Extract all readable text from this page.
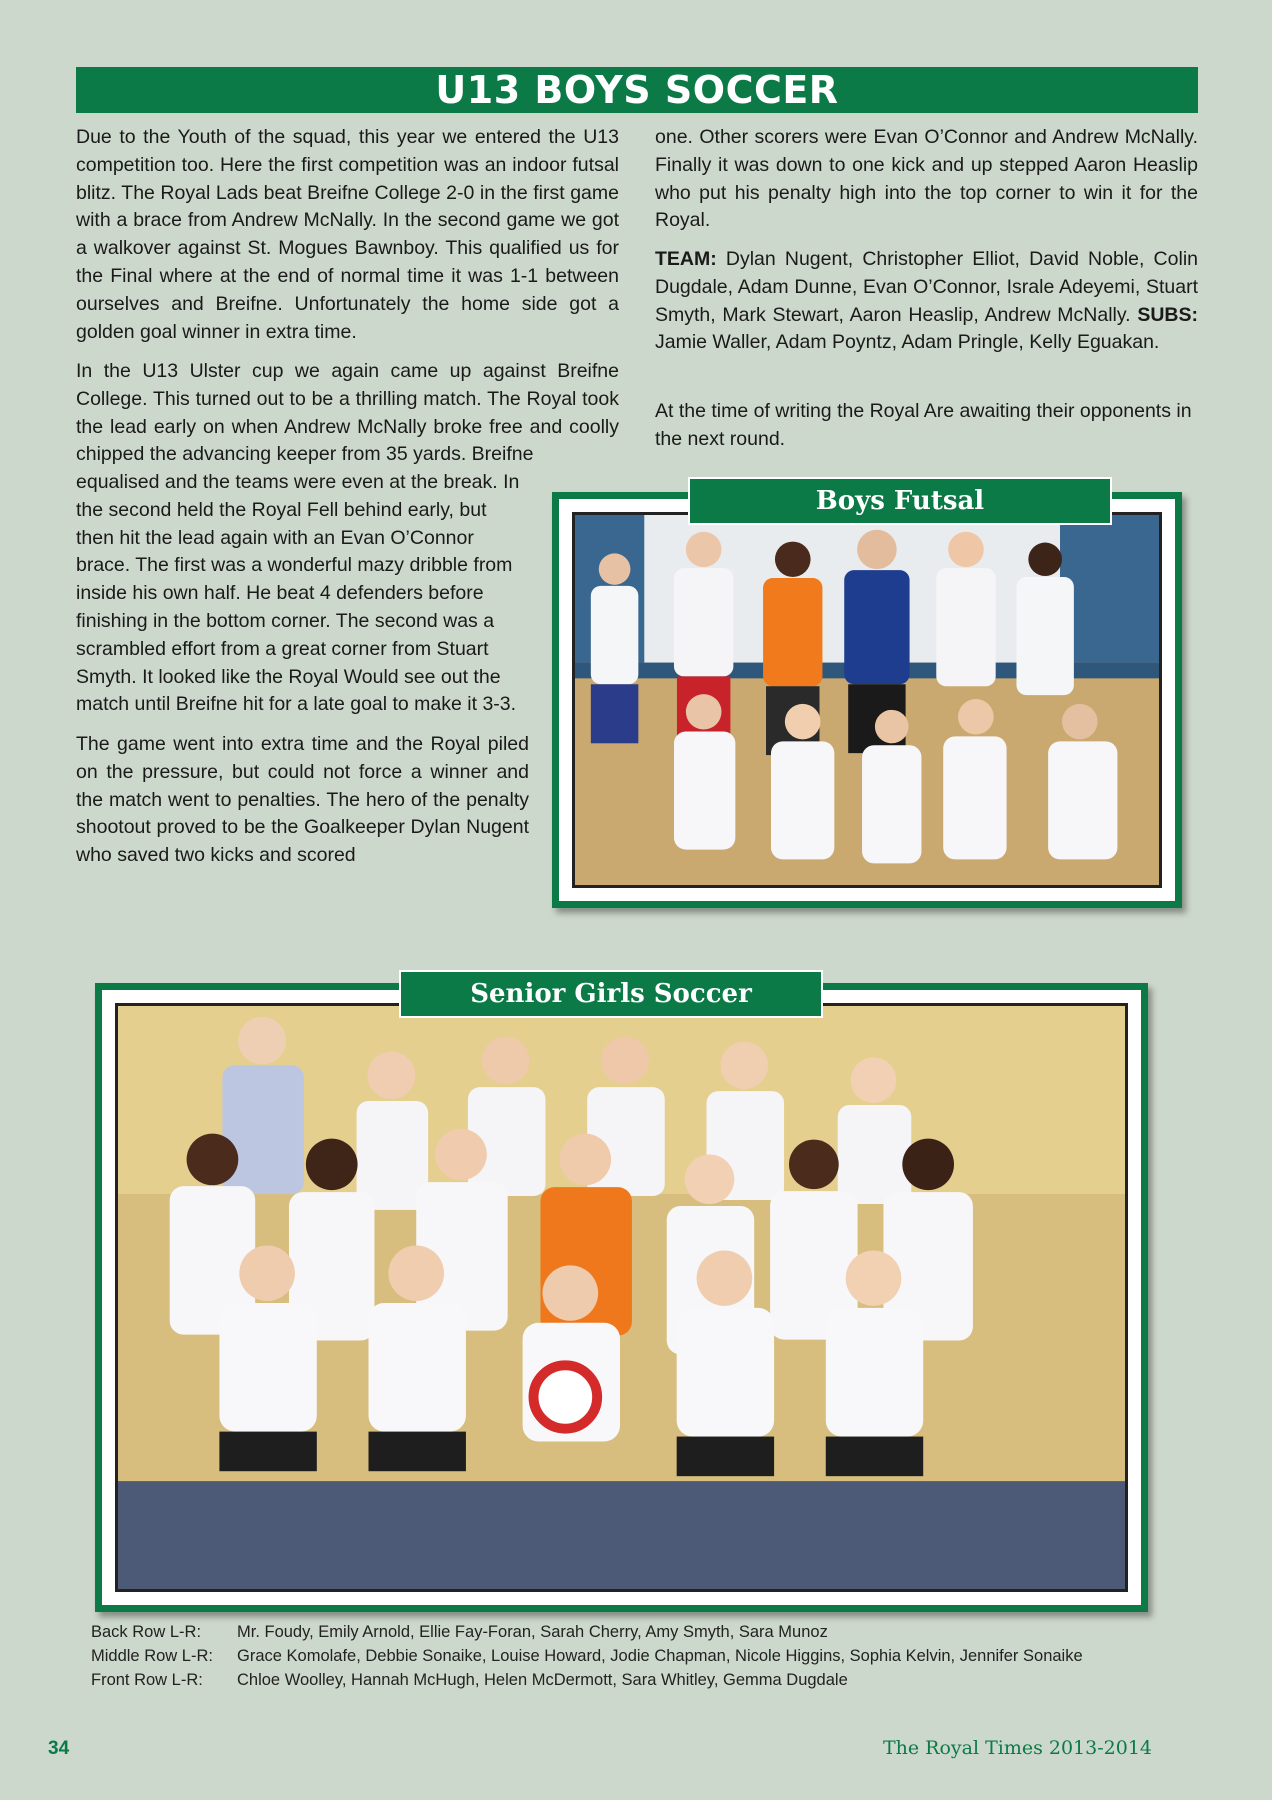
U13 BOYS SOCCER

Due to the Youth of the squad, this year we entered the U13 competition too. Here the first competition was an indoor futsal blitz. The Royal Lads beat Breifne College 2-0 in the first game with a brace from Andrew McNally. In the second game we got a walkover against St. Mogues Bawnboy. This qualified us for the Final where at the end of normal time it was 1-1 between ourselves and Breifne. Unfortunately the home side got a golden goal winner in extra time.

In the U13 Ulster cup we again came up against Breifne College. This turned out to be a thrilling match. The Royal took the lead early on when Andrew McNally broke free and coolly chipped the advancing keeper from 35 yards. Breifne

equalised and the teams were even at the break. In the second held the Royal Fell behind early, but then hit the lead again with an Evan O’Connor brace. The first was a wonderful mazy dribble from inside his own half. He beat 4 defenders before finishing in the bottom corner. The second was a scrambled effort from a great corner from Stuart Smyth. It looked like the Royal Would see out the match until Breifne hit for a late goal to make it 3-3.

The game went into extra time and the Royal piled on the pressure, but could not force a winner and the match went to penalties. The hero of the penalty shootout proved to be the Goalkeeper Dylan Nugent who saved two kicks and scored

one. Other scorers were Evan O’Connor and Andrew McNally. Finally it was down to one kick and up stepped Aaron Heaslip who put his penalty high into the top corner to win it for the Royal.

TEAM: Dylan Nugent, Christopher Elliot, David Noble, Colin Dugdale, Adam Dunne, Evan O’Connor, Israle Adeyemi, Stuart Smyth, Mark Stewart, Aaron Heaslip, Andrew McNally. SUBS: Jamie Waller, Adam Poyntz, Adam Pringle, Kelly Eguakan.

At the time of writing the Royal Are awaiting their opponents in the next round.

Boys Futsal
Senior Girls Soccer
Back Row L-R:	Mr. Foudy, Emily Arnold, Ellie Fay-Foran, Sarah Cherry, Amy Smyth, Sara Munoz
Middle Row L-R:	Grace Komolafe, Debbie Sonaike, Louise Howard, Jodie Chapman, Nicole Higgins, Sophia Kelvin, Jennifer Sonaike
Front Row L-R:	Chloe Woolley, Hannah McHugh, Helen McDermott, Sara Whitley, Gemma Dugdale
34	The Royal Times 2013-2014
